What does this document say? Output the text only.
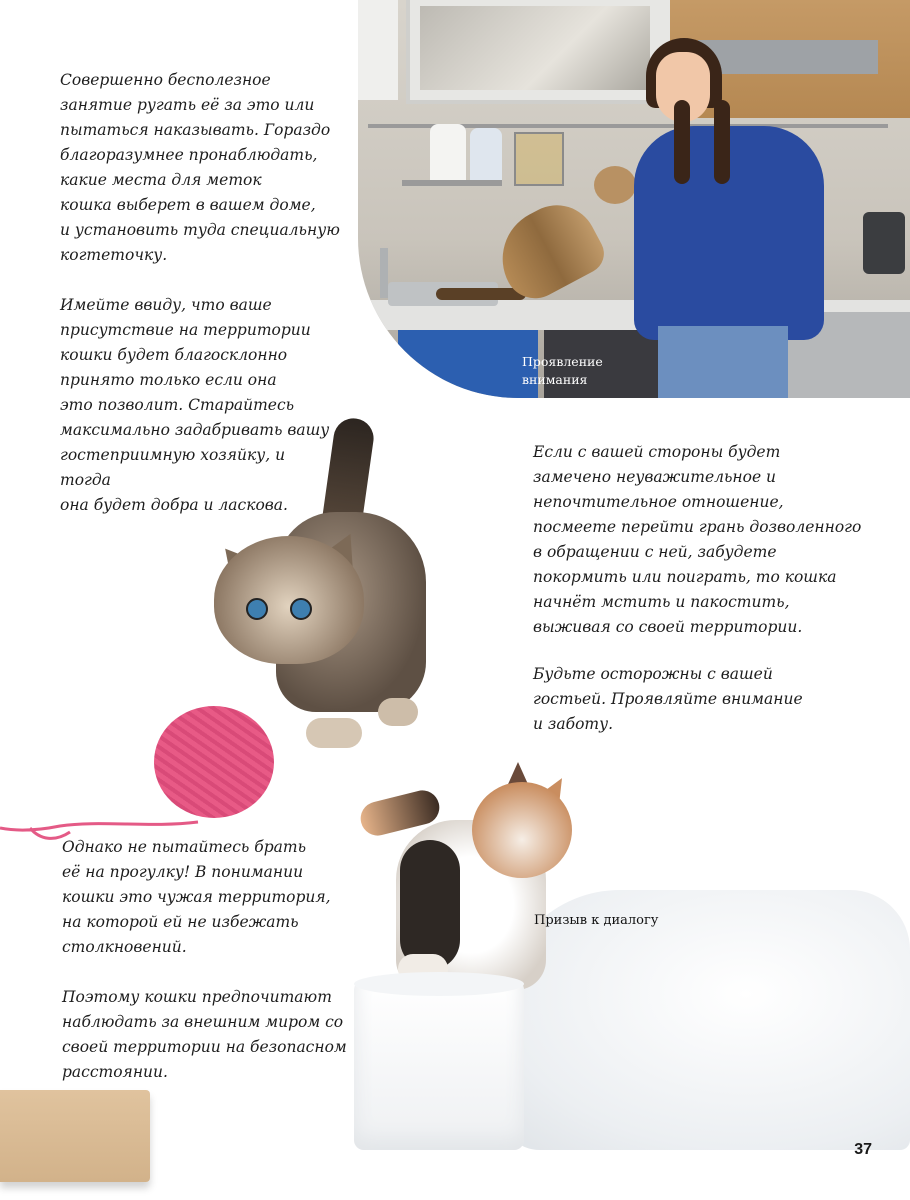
Проявление
внимания

Совершенно бесполезное
занятие ругать её за это или
пытаться наказывать. Гораздо
благоразумнее пронаблюдать,
какие места для меток
кошка выберет в вашем доме,
и установить туда специальную
когтеточку.

Имейте ввиду, что ваше
присутствие на территории
кошки будет благосклонно
принято только если она
это позволит. Старайтесь
максимально задабривать вашу
гостеприимную хозяйку, и тогда
она будет добра и ласкова.

Если с вашей стороны будет
замечено неуважительное и
непочтительное отношение,
посмеете перейти грань дозволенного
в обращении с ней, забудете
покормить или поиграть, то кошка
начнёт мстить и пакостить,
выживая со своей территории.

Будьте осторожны с вашей
гостьей. Проявляйте внимание
и заботу.

Однако не пытайтесь брать
её на прогулку! В понимании
кошки это чужая территория,
на которой ей не избежать
столкновений.

Поэтому кошки предпочитают
наблюдать за внешним миром со
своей территории на безопасном
расстоянии.

Призыв к диалогу

37
